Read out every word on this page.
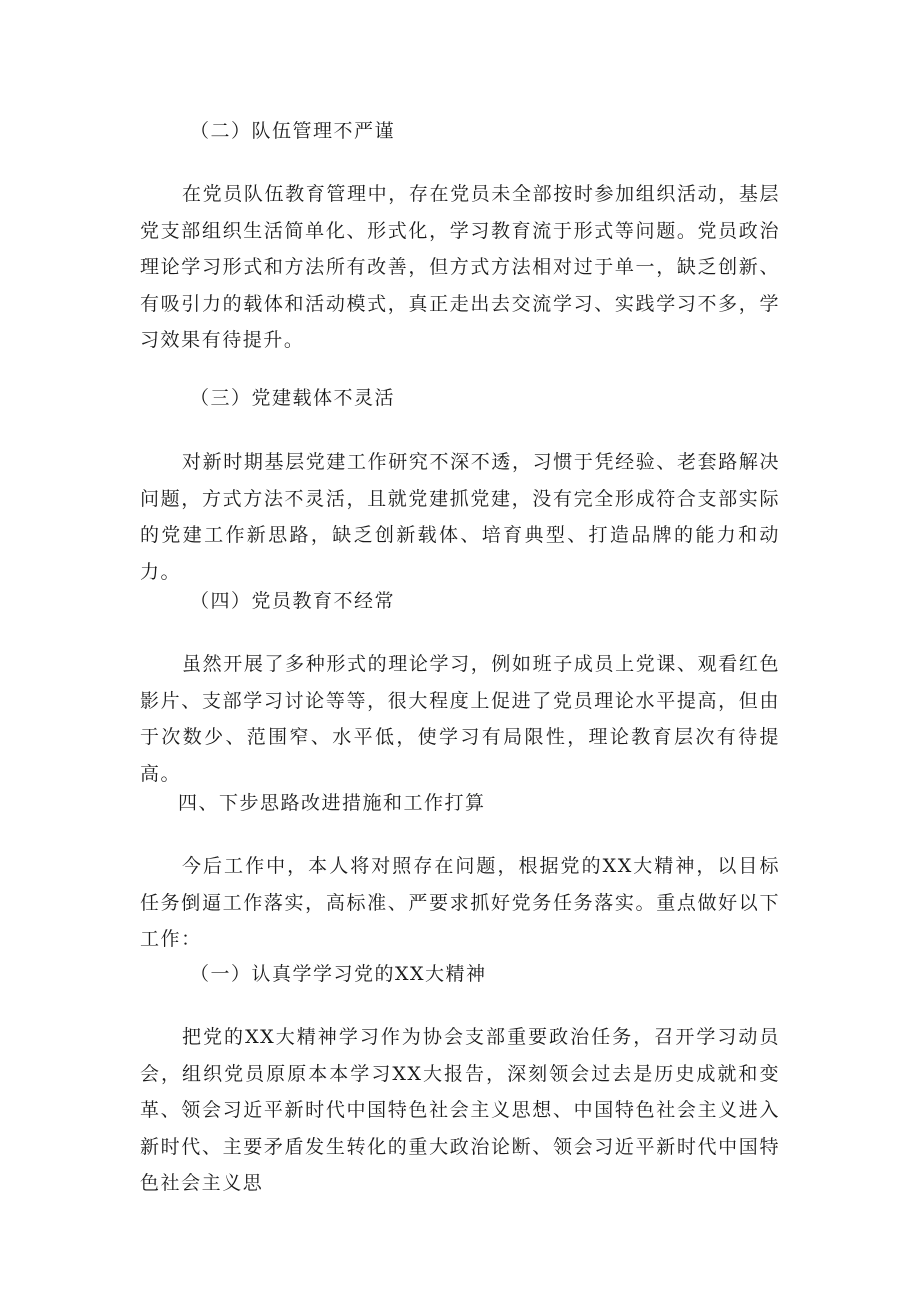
（二）队伍管理不严谨
在党员队伍教育管理中，存在党员未全部按时参加组织活动，基层党支部组织生活简单化、形式化，学习教育流于形式等问题。党员政治理论学习形式和方法所有改善，但方式方法相对过于单一，缺乏创新、有吸引力的载体和活动模式，真正走出去交流学习、实践学习不多，学习效果有待提升。
（三）党建载体不灵活
对新时期基层党建工作研究不深不透，习惯于凭经验、老套路解决问题，方式方法不灵活，且就党建抓党建，没有完全形成符合支部实际的党建工作新思路，缺乏创新载体、培育典型、打造品牌的能力和动力。
（四）党员教育不经常
虽然开展了多种形式的理论学习，例如班子成员上党课、观看红色影片、支部学习讨论等等，很大程度上促进了党员理论水平提高，但由于次数少、范围窄、水平低，使学习有局限性，理论教育层次有待提高。
四、下步思路改进措施和工作打算
今后工作中，本人将对照存在问题，根据党的XX大精神，以目标任务倒逼工作落实，高标准、严要求抓好党务任务落实。重点做好以下工作：
（一）认真学学习党的XX大精神
把党的XX大精神学习作为协会支部重要政治任务，召开学习动员会，组织党员原原本本学习XX大报告，深刻领会过去是历史成就和变革、领会习近平新时代中国特色社会主义思想、中国特色社会主义进入新时代、主要矛盾发生转化的重大政治论断、领会习近平新时代中国特色社会主义思
